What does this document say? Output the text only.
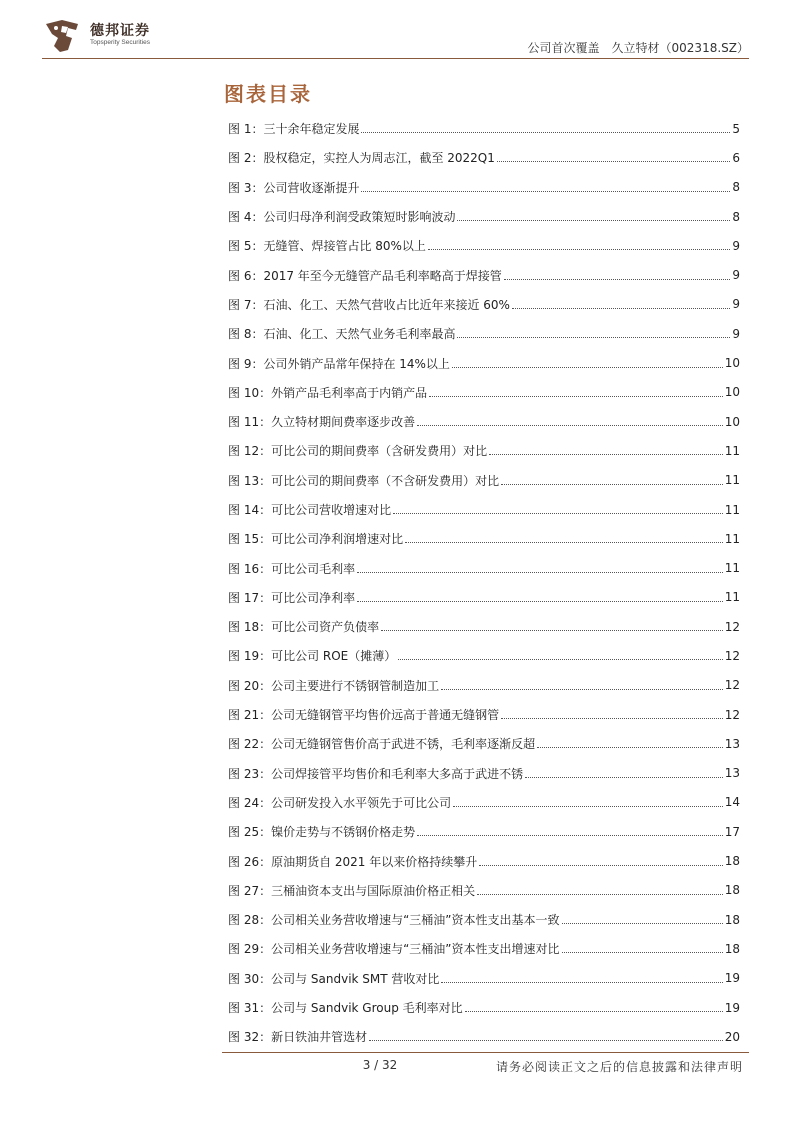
德邦证券
Topsperity Securities	公司首次覆盖　久立特材（002318.SZ）
图表目录
图 1：三十余年稳定发展	5
图 2：股权稳定，实控人为周志江，截至 2022Q1	6
图 3：公司营收逐渐提升	8
图 4：公司归母净利润受政策短时影响波动	8
图 5：无缝管、焊接管占比 80%以上	9
图 6：2017 年至今无缝管产品毛利率略高于焊接管	9
图 7：石油、化工、天然气营收占比近年来接近 60%	9
图 8：石油、化工、天然气业务毛利率最高	9
图 9：公司外销产品常年保持在 14%以上	10
图 10：外销产品毛利率高于内销产品	10
图 11：久立特材期间费率逐步改善	10
图 12：可比公司的期间费率（含研发费用）对比	11
图 13：可比公司的期间费率（不含研发费用）对比	11
图 14：可比公司营收增速对比	11
图 15：可比公司净利润增速对比	11
图 16：可比公司毛利率	11
图 17：可比公司净利率	11
图 18：可比公司资产负债率	12
图 19：可比公司 ROE（摊薄）	12
图 20：公司主要进行不锈钢管制造加工	12
图 21：公司无缝钢管平均售价远高于普通无缝钢管	12
图 22：公司无缝钢管售价高于武进不锈，毛利率逐渐反超	13
图 23：公司焊接管平均售价和毛利率大多高于武进不锈	13
图 24：公司研发投入水平领先于可比公司	14
图 25：镍价走势与不锈钢价格走势	17
图 26：原油期货自 2021 年以来价格持续攀升	18
图 27：三桶油资本支出与国际原油价格正相关	18
图 28：公司相关业务营收增速与“三桶油”资本性支出基本一致	18
图 29：公司相关业务营收增速与“三桶油”资本性支出增速对比	18
图 30：公司与 Sandvik SMT 营收对比	19
图 31：公司与 Sandvik Group 毛利率对比	19
图 32：新日铁油井管选材	20
3 / 32	请务必阅读正文之后的信息披露和法律声明
